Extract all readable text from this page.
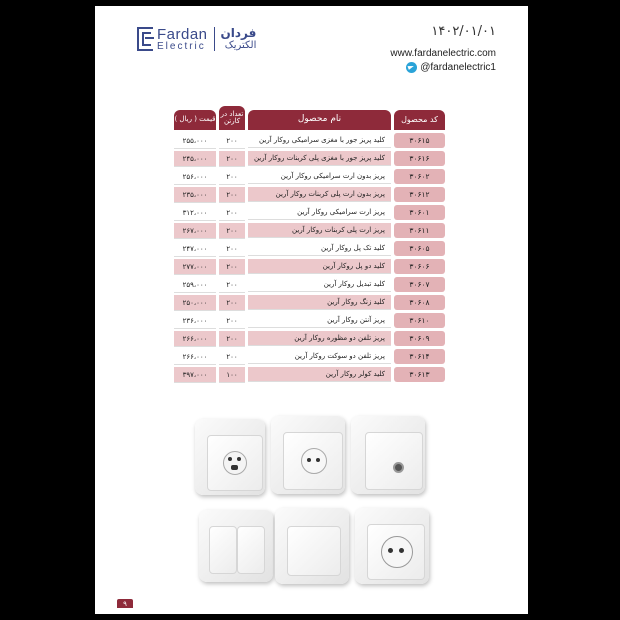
Fardan
Electric
فردان
الکتریک
۱۴۰۲/۰۱/۰۱
www.fardanelectric.com
@fardanelectric1
کد محصول
نام محصول
تعداد در کارتن
قیمت ( ریال )
۳۰۶۱۵
کلید پریز جور با مغزی سرامیکی روکار آرین
۲۰۰
۲۵۵،۰۰۰
۳۰۶۱۶
کلید پریز جور با مغزی پلی کربنات روکار آرین
۲۰۰
۲۴۵،۰۰۰
۳۰۶۰۲
پریز بدون ارت سرامیکی روکار آرین
۲۰۰
۲۵۶،۰۰۰
۳۰۶۱۲
پریز بدون ارت پلی کربنات روکار آرین
۲۰۰
۲۳۵،۰۰۰
۳۰۶۰۱
پریز ارت سرامیکی روکار آرین
۲۰۰
۳۱۲،۰۰۰
۳۰۶۱۱
پریز ارت پلی کربنات روکار آرین
۲۰۰
۲۶۷،۰۰۰
۳۰۶۰۵
کلید تک پل روکار آرین
۲۰۰
۲۴۷،۰۰۰
۳۰۶۰۶
کلید دو پل روکار آرین
۲۰۰
۲۷۷،۰۰۰
۳۰۶۰۷
کلید تبدیل روکار آرین
۲۰۰
۲۵۹،۰۰۰
۳۰۶۰۸
کلید زنگ روکار آرین
۲۰۰
۲۵۰،۰۰۰
۳۰۶۱۰
پریز آنتن روکار آرین
۲۰۰
۲۳۶،۰۰۰
۳۰۶۰۹
پریز تلفن دو مظوره روکار آرین
۲۰۰
۲۶۶،۰۰۰
۳۰۶۱۴
پریز تلفن دو سوکت روکار آرین
۲۰۰
۲۶۶،۰۰۰
۳۰۶۱۳
کلید کولر روکار آرین
۱۰۰
۳۹۷،۰۰۰
۹
